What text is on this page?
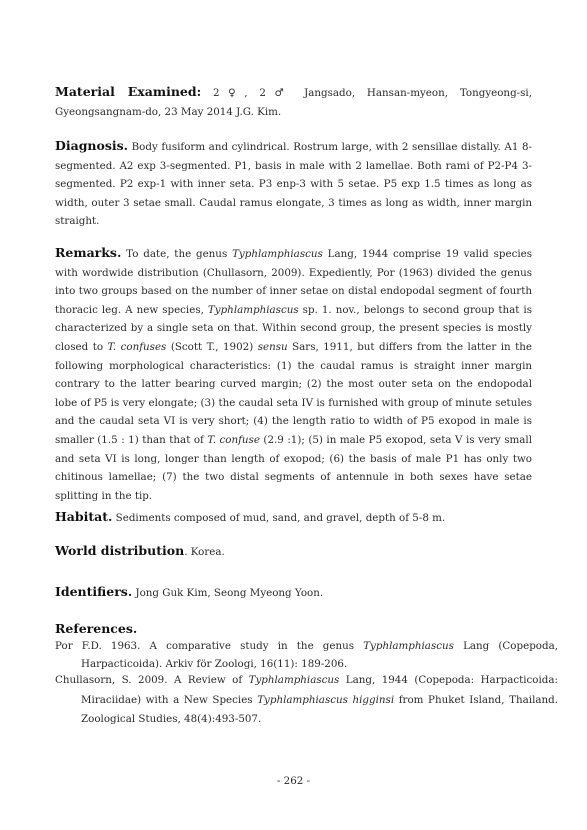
Material Examined: 2♀, 2♂ Jangsado, Hansan-myeon, Tongyeong-si,
Gyeongsangnam-do, 23 May 2014 J.G. Kim.
Diagnosis. Body fusiform and cylindrical. Rostrum large, with 2 sensillae distally. A1 8-segmented. A2 exp 3-segmented. P1, basis in male with 2 lamellae. Both rami of P2-P4 3-segmented. P2 exp-1 with inner seta. P3 enp-3 with 5 setae. P5 exp 1.5 times as long as width, outer 3 setae small. Caudal ramus elongate, 3 times as long as width, inner margin straight.
Remarks. To date, the genus Typhlamphiascus Lang, 1944 comprise 19 valid species with wordwide distribution (Chullasorn, 2009). Expediently, Por (1963) divided the genus into two groups based on the number of inner setae on distal endopodal segment of fourth thoracic leg. A new species, Typhlamphiascus sp. 1. nov., belongs to second group that is characterized by a single seta on that. Within second group, the present species is mostly closed to T. confuses (Scott T., 1902) sensu Sars, 1911, but differs from the latter in the following morphological characteristics: (1) the caudal ramus is straight inner margin contrary to the latter bearing curved margin; (2) the most outer seta on the endopodal lobe of P5 is very elongate; (3) the caudal seta IV is furnished with group of minute setules and the caudal seta VI is very short; (4) the length ratio to width of P5 exopod in male is smaller (1.5 : 1) than that of T. confuse (2.9 :1); (5) in male P5 exopod, seta V is very small and seta VI is long, longer than length of exopod; (6) the basis of male P1 has only two chitinous lamellae; (7) the two distal segments of antennule in both sexes have setae splitting in the tip.
Habitat. Sediments composed of mud, sand, and gravel, depth of 5-8 m.
World distribution. Korea.
Identifiers. Jong Guk Kim, Seong Myeong Yoon.
References.
Por F.D. 1963. A comparative study in the genus Typhlamphiascus Lang (Copepoda, Harpacticoida). Arkiv för Zoologi, 16(11): 189-206.
Chullasorn, S. 2009. A Review of Typhlamphiascus Lang, 1944 (Copepoda: Harpacticoida: Miraciidae) with a New Species Typhlamphiascus higginsi from Phuket Island, Thailand. Zoological Studies, 48(4):493-507.
- 262 -
